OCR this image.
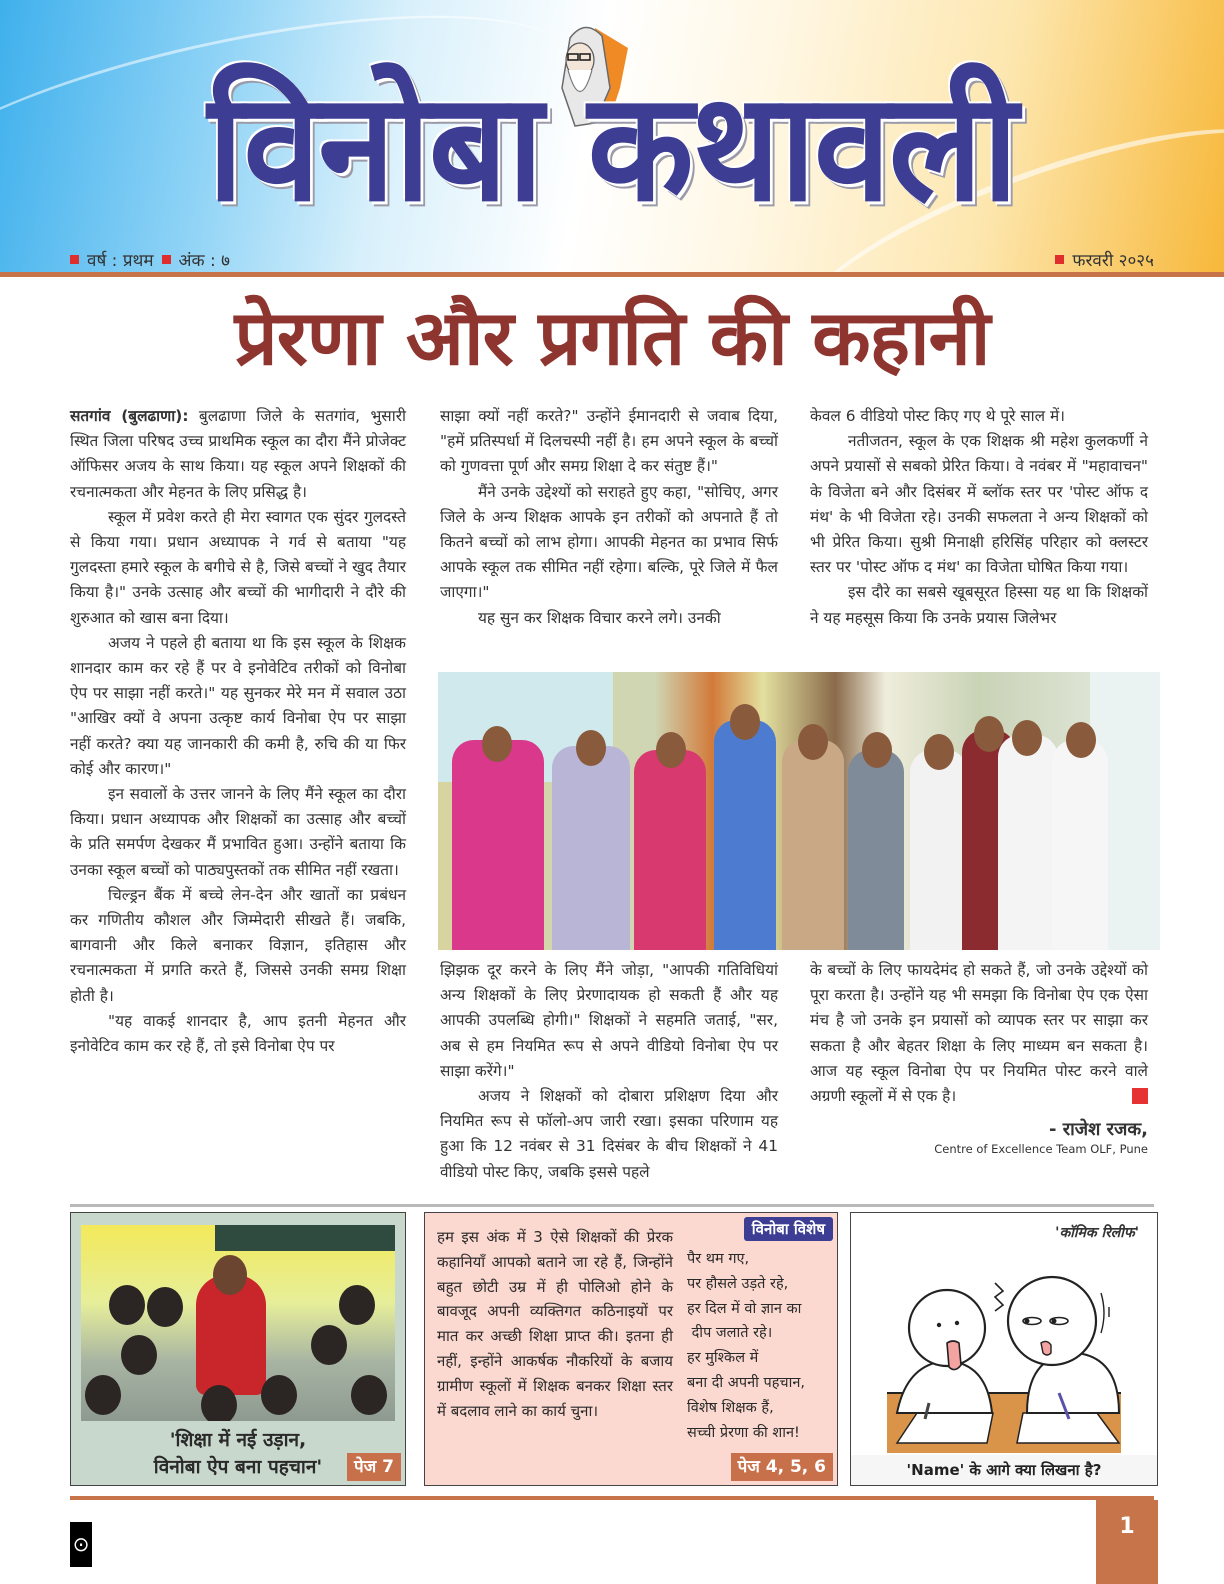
विनोबा कथावली
वर्ष : प्रथम अंक : ७	फरवरी २०२५
प्रेरणा और प्रगति की कहानी

सतगांव (बुलढाणा): बुलढाणा जिले के सतगांव, भुसारी स्थित जिला परिषद उच्च प्राथमिक स्कूल का दौरा मैंने प्रोजेक्ट ऑफिसर अजय के साथ किया। यह स्कूल अपने शिक्षकों की रचनात्मकता और मेहनत के लिए प्रसिद्ध है।

स्कूल में प्रवेश करते ही मेरा स्वागत एक सुंदर गुलदस्ते से किया गया। प्रधान अध्यापक ने गर्व से बताया "यह गुलदस्ता हमारे स्कूल के बगीचे से है, जिसे बच्चों ने खुद तैयार किया है।" उनके उत्साह और बच्चों की भागीदारी ने दौरे की शुरुआत को खास बना दिया।

अजय ने पहले ही बताया था कि इस स्कूल के शिक्षक शानदार काम कर रहे हैं पर वे इनोवेटिव तरीकों को विनोबा ऐप पर साझा नहीं करते।" यह सुनकर मेरे मन में सवाल उठा "आखिर क्यों वे अपना उत्कृष्ट कार्य विनोबा ऐप पर साझा नहीं करते? क्या यह जानकारी की कमी है, रुचि की या फिर कोई और कारण।"

इन सवालों के उत्तर जानने के लिए मैंने स्कूल का दौरा किया। प्रधान अध्यापक और शिक्षकों का उत्साह और बच्चों के प्रति समर्पण देखकर मैं प्रभावित हुआ। उन्होंने बताया कि उनका स्कूल बच्चों को पाठ्यपुस्तकों तक सीमित नहीं रखता।

चिल्ड्रन बैंक में बच्चे लेन-देन और खातों का प्रबंधन कर गणितीय कौशल और जिम्मेदारी सीखते हैं। जबकि, बागवानी और किले बनाकर विज्ञान, इतिहास और रचनात्मकता में प्रगति करते हैं, जिससे उनकी समग्र शिक्षा होती है।

"यह वाकई शानदार है, आप इतनी मेहनत और इनोवेटिव काम कर रहे हैं, तो इसे विनोबा ऐप पर

साझा क्यों नहीं करते?" उन्होंने ईमानदारी से जवाब दिया, "हमें प्रतिस्पर्धा में दिलचस्पी नहीं है। हम अपने स्कूल के बच्चों को गुणवत्ता पूर्ण और समग्र शिक्षा दे कर संतुष्ट हैं।"

मैंने उनके उद्देश्यों को सराहते हुए कहा, "सोचिए, अगर जिले के अन्य शिक्षक आपके इन तरीकों को अपनाते हैं तो कितने बच्चों को लाभ होगा। आपकी मेहनत का प्रभाव सिर्फ आपके स्कूल तक सीमित नहीं रहेगा। बल्कि, पूरे जिले में फैल जाएगा।"

यह सुन कर शिक्षक विचार करने लगे। उनकी

केवल 6 वीडियो पोस्ट किए गए थे पूरे साल में।

नतीजतन, स्कूल के एक शिक्षक श्री महेश कुलकर्णी ने अपने प्रयासों से सबको प्रेरित किया। वे नवंबर में "महावाचन" के विजेता बने और दिसंबर में ब्लॉक स्तर पर 'पोस्ट ऑफ द मंथ' के भी विजेता रहे। उनकी सफलता ने अन्य शिक्षकों को भी प्रेरित किया। सुश्री मिनाक्षी हरिसिंह परिहार को क्लस्टर स्तर पर 'पोस्ट ऑफ द मंथ' का विजेता घोषित किया गया।

इस दौरे का सबसे खूबसूरत हिस्सा यह था कि शिक्षकों ने यह महसूस किया कि उनके प्रयास जिलेभर

झिझक दूर करने के लिए मैंने जोड़ा, "आपकी गतिविधियां अन्य शिक्षकों के लिए प्रेरणादायक हो सकती हैं और यह आपकी उपलब्धि होगी।" शिक्षकों ने सहमति जताई, "सर, अब से हम नियमित रूप से अपने वीडियो विनोबा ऐप पर साझा करेंगे।"

अजय ने शिक्षकों को दोबारा प्रशिक्षण दिया और नियमित रूप से फॉलो-अप जारी रखा। इसका परिणाम यह हुआ कि 12 नवंबर से 31 दिसंबर के बीच शिक्षकों ने 41 वीडियो पोस्ट किए, जबकि इससे पहले

के बच्चों के लिए फायदेमंद हो सकते हैं, जो उनके उद्देश्यों को पूरा करता है। उन्होंने यह भी समझा कि विनोबा ऐप एक ऐसा मंच है जो उनके इन प्रयासों को व्यापक स्तर पर साझा कर सकता है और बेहतर शिक्षा के लिए माध्यम बन सकता है। आज यह स्कूल विनोबा ऐप पर नियमित पोस्ट करने वाले अग्रणी स्कूलों में से एक है।

- राजेश रजक,
Centre of Excellence Team OLF, Pune
'शिक्षा में नई उड़ान,
विनोबा ऐप बना पहचान'	पेज 7
विनोबा विशेष
हम इस अंक में 3 ऐसे शिक्षकों की प्रेरक कहानियाँ आपको बताने जा रहे हैं, जिन्होंने बहुत छोटी उम्र में ही पोलिओ होने के बावजूद अपनी व्यक्तिगत कठिनाइयों पर मात कर अच्छी शिक्षा प्राप्त की। इतना ही नहीं, इन्होंने आकर्षक नौकरियों के बजाय ग्रामीण स्कूलों में शिक्षक बनकर शिक्षा स्तर में बदलाव लाने का कार्य चुना।
पैर थम गए,
पर हौसले उड़ते रहे,
हर दिल में वो ज्ञान का
दीप जलाते रहे।
हर मुश्किल में
बना दी अपनी पहचान,
विशेष शिक्षक हैं,
सच्ची प्रेरणा की शान!
पेज 4, 5, 6
'कॉमिक रिलीफ'
'Name' के आगे क्या लिखना है?
⊙
1
